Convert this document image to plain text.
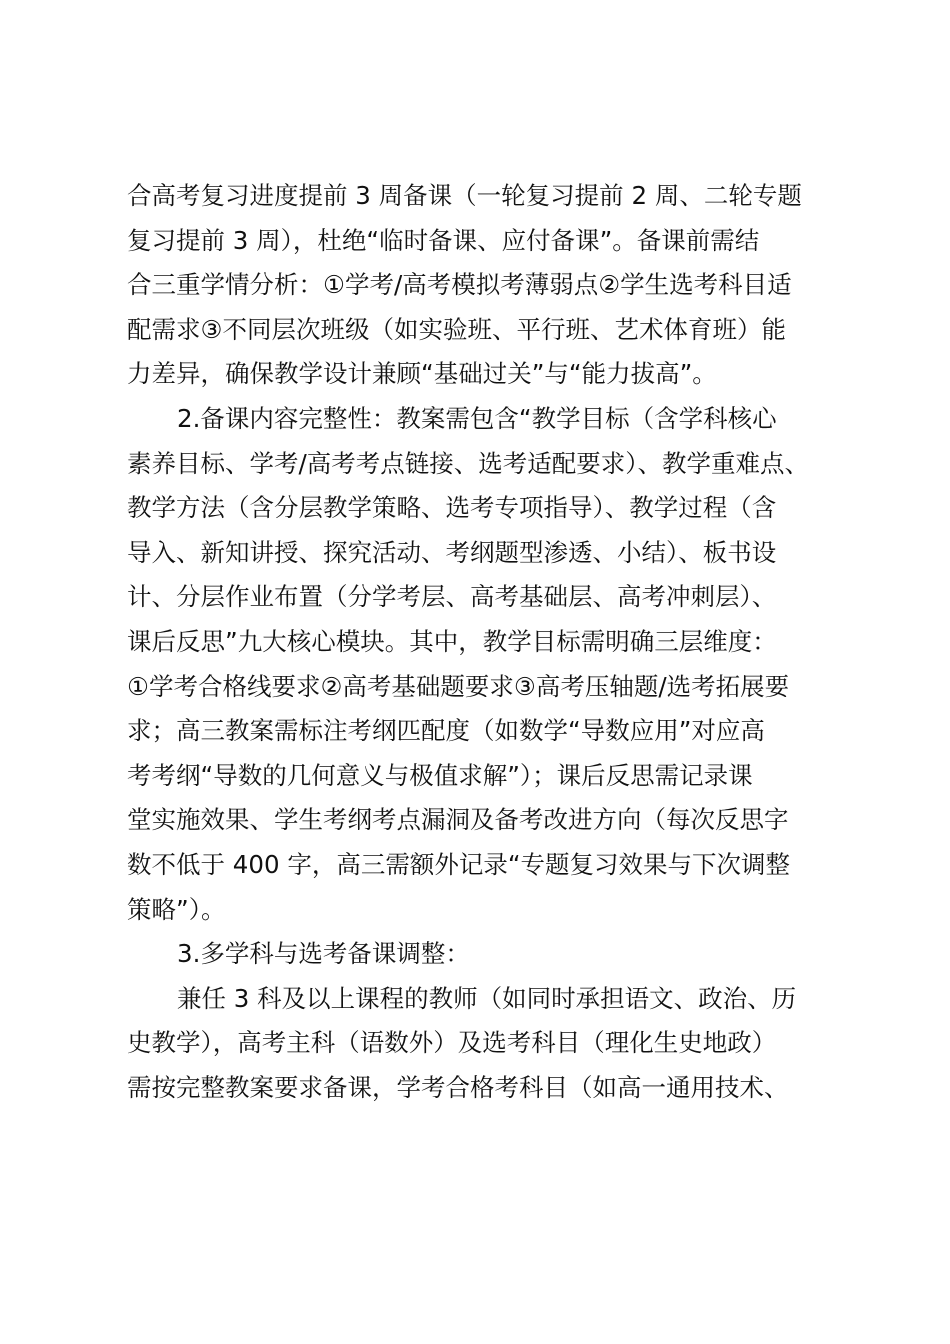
合高考复习进度提前 3 周备课（一轮复习提前 2 周、二轮专题
复习提前 3 周），杜绝“临时备课、应付备课”。备课前需结
合三重学情分析：①学考/高考模拟考薄弱点②学生选考科目适
配需求③不同层次班级（如实验班、平行班、艺术体育班）能
力差异，确保教学设计兼顾“基础过关”与“能力拔高”。
2.备课内容完整性：教案需包含“教学目标（含学科核心
素养目标、学考/高考考点链接、选考适配要求）、教学重难点、
教学方法（含分层教学策略、选考专项指导）、教学过程（含
导入、新知讲授、探究活动、考纲题型渗透、小结）、板书设
计、分层作业布置（分学考层、高考基础层、高考冲刺层）、
课后反思”九大核心模块。其中，教学目标需明确三层维度：
①学考合格线要求②高考基础题要求③高考压轴题/选考拓展要
求；高三教案需标注考纲匹配度（如数学“导数应用”对应高
考考纲“导数的几何意义与极值求解”）；课后反思需记录课
堂实施效果、学生考纲考点漏洞及备考改进方向（每次反思字
数不低于 400 字，高三需额外记录“专题复习效果与下次调整
策略”）。
3.多学科与选考备课调整：
兼任 3 科及以上课程的教师（如同时承担语文、政治、历
史教学），高考主科（语数外）及选考科目（理化生史地政）
需按完整教案要求备课，学考合格考科目（如高一通用技术、
